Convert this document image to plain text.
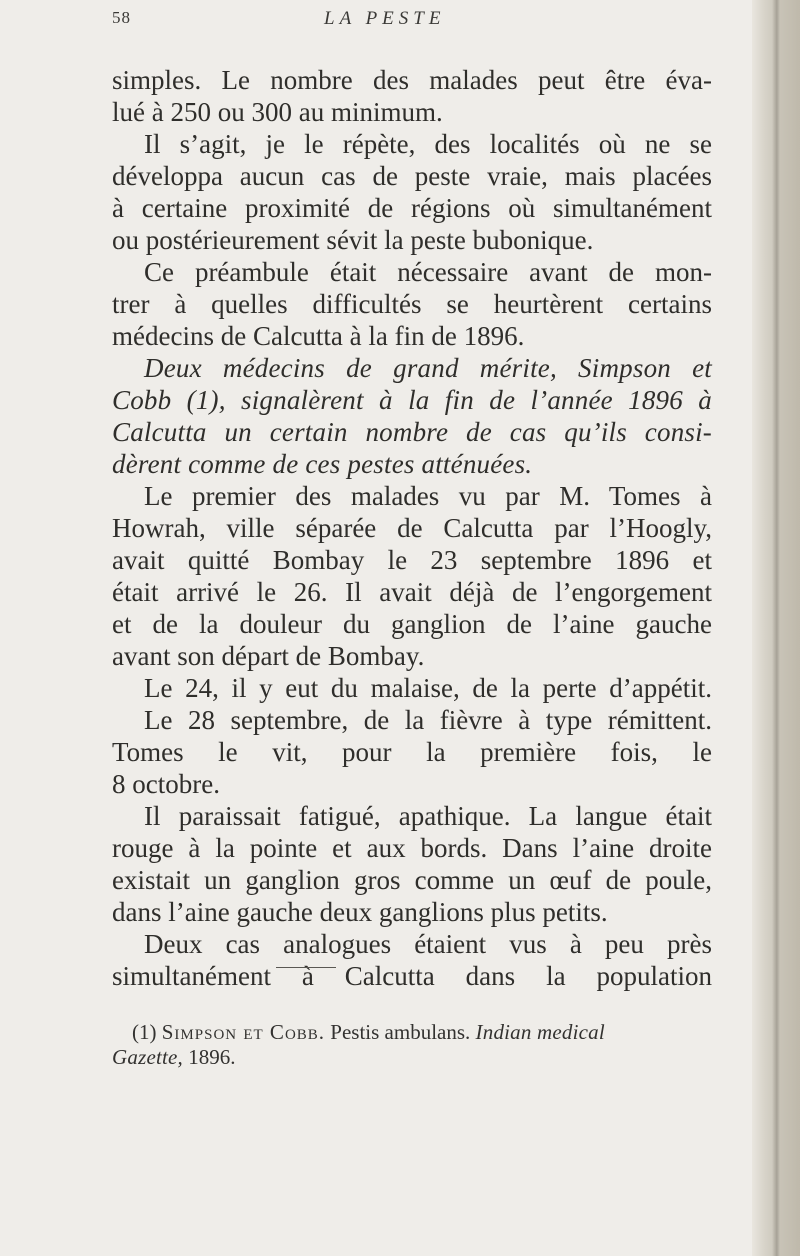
58	LA PESTE
simples. Le nombre des malades peut être éva-
lué à 250 ou 300 au minimum.
Il s’agit, je le répète, des localités où ne se
développa aucun cas de peste vraie, mais placées
à certaine proximité de régions où simultanément
ou postérieurement sévit la peste bubonique.
Ce préambule était nécessaire avant de mon-
trer à quelles difficultés se heurtèrent certains
médecins de Calcutta à la fin de 1896.
Deux médecins de grand mérite, Simpson et
Cobb (1), signalèrent à la fin de l’année 1896 à
Calcutta un certain nombre de cas qu’ils consi-
dèrent comme de ces pestes atténuées.
Le premier des malades vu par M. Tomes à
Howrah, ville séparée de Calcutta par l’Hoogly,
avait quitté Bombay le 23 septembre 1896 et
était arrivé le 26. Il avait déjà de l’engorgement
et de la douleur du ganglion de l’aine gauche
avant son départ de Bombay.
Le 24, il y eut du malaise, de la perte d’appétit.
Le 28 septembre, de la fièvre à type rémittent.
Tomes le vit, pour la première fois, le
8 octobre.
Il paraissait fatigué, apathique. La langue était
rouge à la pointe et aux bords. Dans l’aine droite
existait un ganglion gros comme un œuf de poule,
dans l’aine gauche deux ganglions plus petits.
Deux cas analogues étaient vus à peu près
simultanément à Calcutta dans la population
(1) Simpson et Cobb. Pestis ambulans. Indian medical
Gazette, 1896.
